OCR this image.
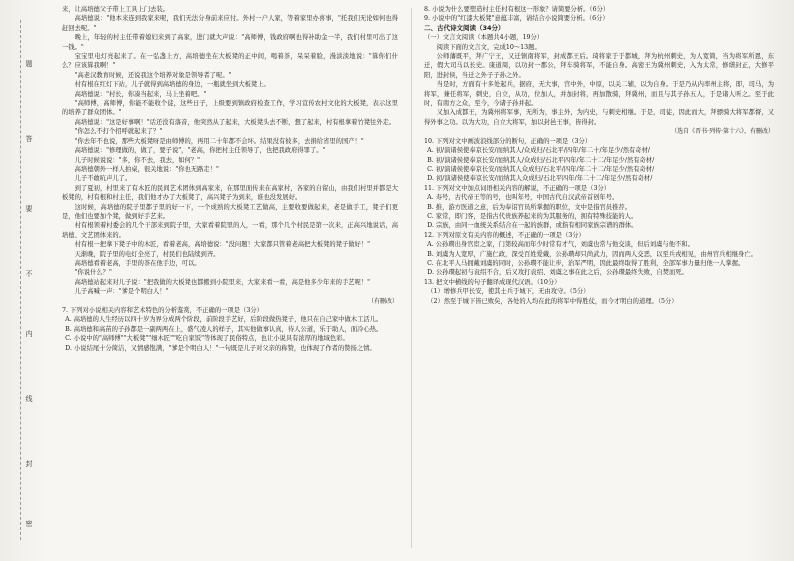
题
答
要
不
内
线
封
密

来，让高培德父子带上工具上门去装。

高培德说："他本来连到我家来呢，我们无法分身前来应付。外村一户人家，等着家里办喜事，"托我们无论如何也得赶回去呢。"

晚上，年轻的村主任带着媳妇来到了高家，进门就大声说："高师傅，钱政府啊也得补助金一半，我们村里可出了这一钱。"

宝宝里电灯亮起来了。在一弘盏上方，高培德坐在大板凳的正中间，喝着茶，呆呆着脸，漫淡淡地说："算你们什么？应该算我啊！"

"高老汉教育时候，还说我这个培养对象是领导者了呢。"

村有根在红灯下站，儿子就得到高培德的身边，一瓶就坐到大板凳上。

高培德说："村长，你凑当起来，马上坐着吧。"

"高师傅，高师傅，你能不能收个徒，这些日子，上级要到镇政府检查工作，学习宣传农村文化的大板凳，表示这里的培养了群众团体。"

高培德说："这是好事啊！"话还没有落音，他突然从了起来，大板凳头去不断，想了起来，村有根拿着竹凳往外走。

"你怎么不打个招呼就起来了？"

"你去年不也说，那些大板凳呀是由师傅的，再用二十年都不会坏。结果没有彼多，去捐给省里的国产！"

高培德说："修理做的，做了，要子说"，"老高，你把村主任领导了，也把我政府得罪了。"

儿子时候说说："多，你不去，我去，如何？"

高培德朝外一样人拍桌，很关地说："你也无路走！"

儿子不敢吭声儿了。

到了夏初，村里来了有木匠的民间艺术团体到高家来，在那里面传来在高家村，各家的自留山，由我们村里并都是大板凳的，村有根和村主任，我们他才办了大板凳了，高兴凳子为到来，谁也没发展好。

这时候，高培德的院子里都子里的好一下，一个成熟的大板凳工艺做高，主要收要做起来，老是做手工，凳子们更是，他们也要加个凳，做到好手艺来。

村有根领着村委会的几个干部来到院子里，大家看着院里的人，一看，那个几个村民是第一次来，正高兴地说话，高培德、文艺团体来的。

村有根一把拿下凳子中的木匠，看着老高，高培德说："没问题！大家都只管着老高把大板凳的凳子做好！"

天渐晚，院子里的电灯全亮了，村民们也陆续到齐。

高培德看着老高，手里的茶在他手边，可以。

"你说什么？"

高培德站起来对儿子说："把我做的大板凳也都搬到小院里来，大家来看一看，高是他多少年来的手艺呢！"

儿子高喊一声："爹是个明白人！"

（有删改）

7. 下列对小说相关内容和艺术特色的分析鉴赏，不正确的一项是（3分）

A. 高培德的人生经历以四十岁为界分成两个阶段，前阶段手艺好，后阶段做热凳子，他只在自己家中做木工活儿。

B. 高培德和高苗的子孙都是一副两两在上，盛气凌人的样子，其实他做事认真，待人公道，乐于助人，面冷心热。

C. 小说中的"高师傅""大板凳""细木匠""吃自家饭"等体现了民俗特点，也让小说具有浓厚的地域色彩。

D. 小说结尾十分简洁，又情感饱满，"爹是个明白人！"一句既是儿子对父亲的称赞，也体现了作者的赞扬之情。

8. 小说为什么要塑造村主任村有根这一形象？请简要分析。（6分）

9. 小说中的"红漆大板凳"意蕴丰富，请结合小说简要分析。（6分）

二、古代诗文阅读（34分）

（一）文言文阅读（本题共4小题，19分）

阅读下面的文言文，完成10～13题。

公师藩既平，拜广宁王，又迁镇南将军，封成都王后。琦将家于于都城，拜为杭州刺史，为人宽简，当为将军所恩，东迁，假大司马以长史。康道周，以功封一郡公，拜车骑将军，不能自身。高密王为冀州刺史，入为太常，修缮封正，大修平阳，进封侯，当迁之外子子孙之外。

当是时，方面有十多处起兵，据府，无大事，宫中外，中原，以关二辅，以为自身。于是乃从内率州主将，即，司马，为将军，兼任将军，刺史，自立，从功，位加人，并加封将，再加散骑，拜冀州，而且与其子孙五人，于是诸人听之。至于此时，有南方之众，至今，今诸子孙并起。

又加入成都王，为冀州将军事，无所为，事主外，为内史，与刺史相继。于是，司徒，因此而大，拜骠骑大将军都督，又得外事之功。以为大功，自立大将军，加以封邑王事，皆得封。

（选自《晋书·列传·第十六》，有删改）

10. 下列对文中画波浪线部分的断句，正确的一项是（3分）

A. 初/演诸侯使奉京长安/而纳其人/众成归/石北平/四年/年二十/年足少/然有奇材/

B. 初/演诸侯使奉京长安/而纳其人/众成归/石北平四年/年二十二/年足少/然有奇材/

C. 初/演诸侯使奉京长安/而纳其人众成归/石北平/四年/年二十二/年足少/然有奇材/

D. 初/演诸侯使奉京长安/而纳其人众成归/石北平四年/年二十二/年足少/然有奇材/

11. 下列对文中加点词语相关内容的解说，不正确的一项是（3分）

A. 寿号，古代帝王等的号，也叫年号，中国古代自汉武帝首创年号。

B. 推，游方医道之意，后为奉诏官员所掌握的职位，文中是指官员推荐。

C. 家常，即门客，是指古代贵族养起来的为其服务的，拥有特殊技能的人。

D. 宗族，由同一血统关系结合在一起的族群，或指有相同家族宗谱的群体。

12. 下列对原文有关内容的概述，不正确的一项是（3分）

A. 公孙瓒出身官宦之家，门第较高而年少时常有才气，刘虞也常与他交谈，但后刘虞与他不和。

B. 刘虞为人宽厚，广施仁政，深受百姓爱戴，公孙瓒却只尚武力，因而两人交恶，以至兵戎相见，由州官兵相继身亡。

C. 在北平人马拥戴刘虞的同时，公孙瓒不能让步，治军严明，因此最终取得了胜利，全部军事力量归他一人掌握。

D. 公孙瓒起初与袁绍不合，后又攻打袁绍、刘虞之事在此之后，公孙瓒最终失败，自焚而死。

13. 把文中横线的句子翻译成现代汉语。（10分）

（1）增修兵甲长安，使其士兵于城下，无由攻守。（5分）

（2）然至于城下皆已败矣，各处的人均在此的将军中得胜仗，而今才明白的道理。（5分）
